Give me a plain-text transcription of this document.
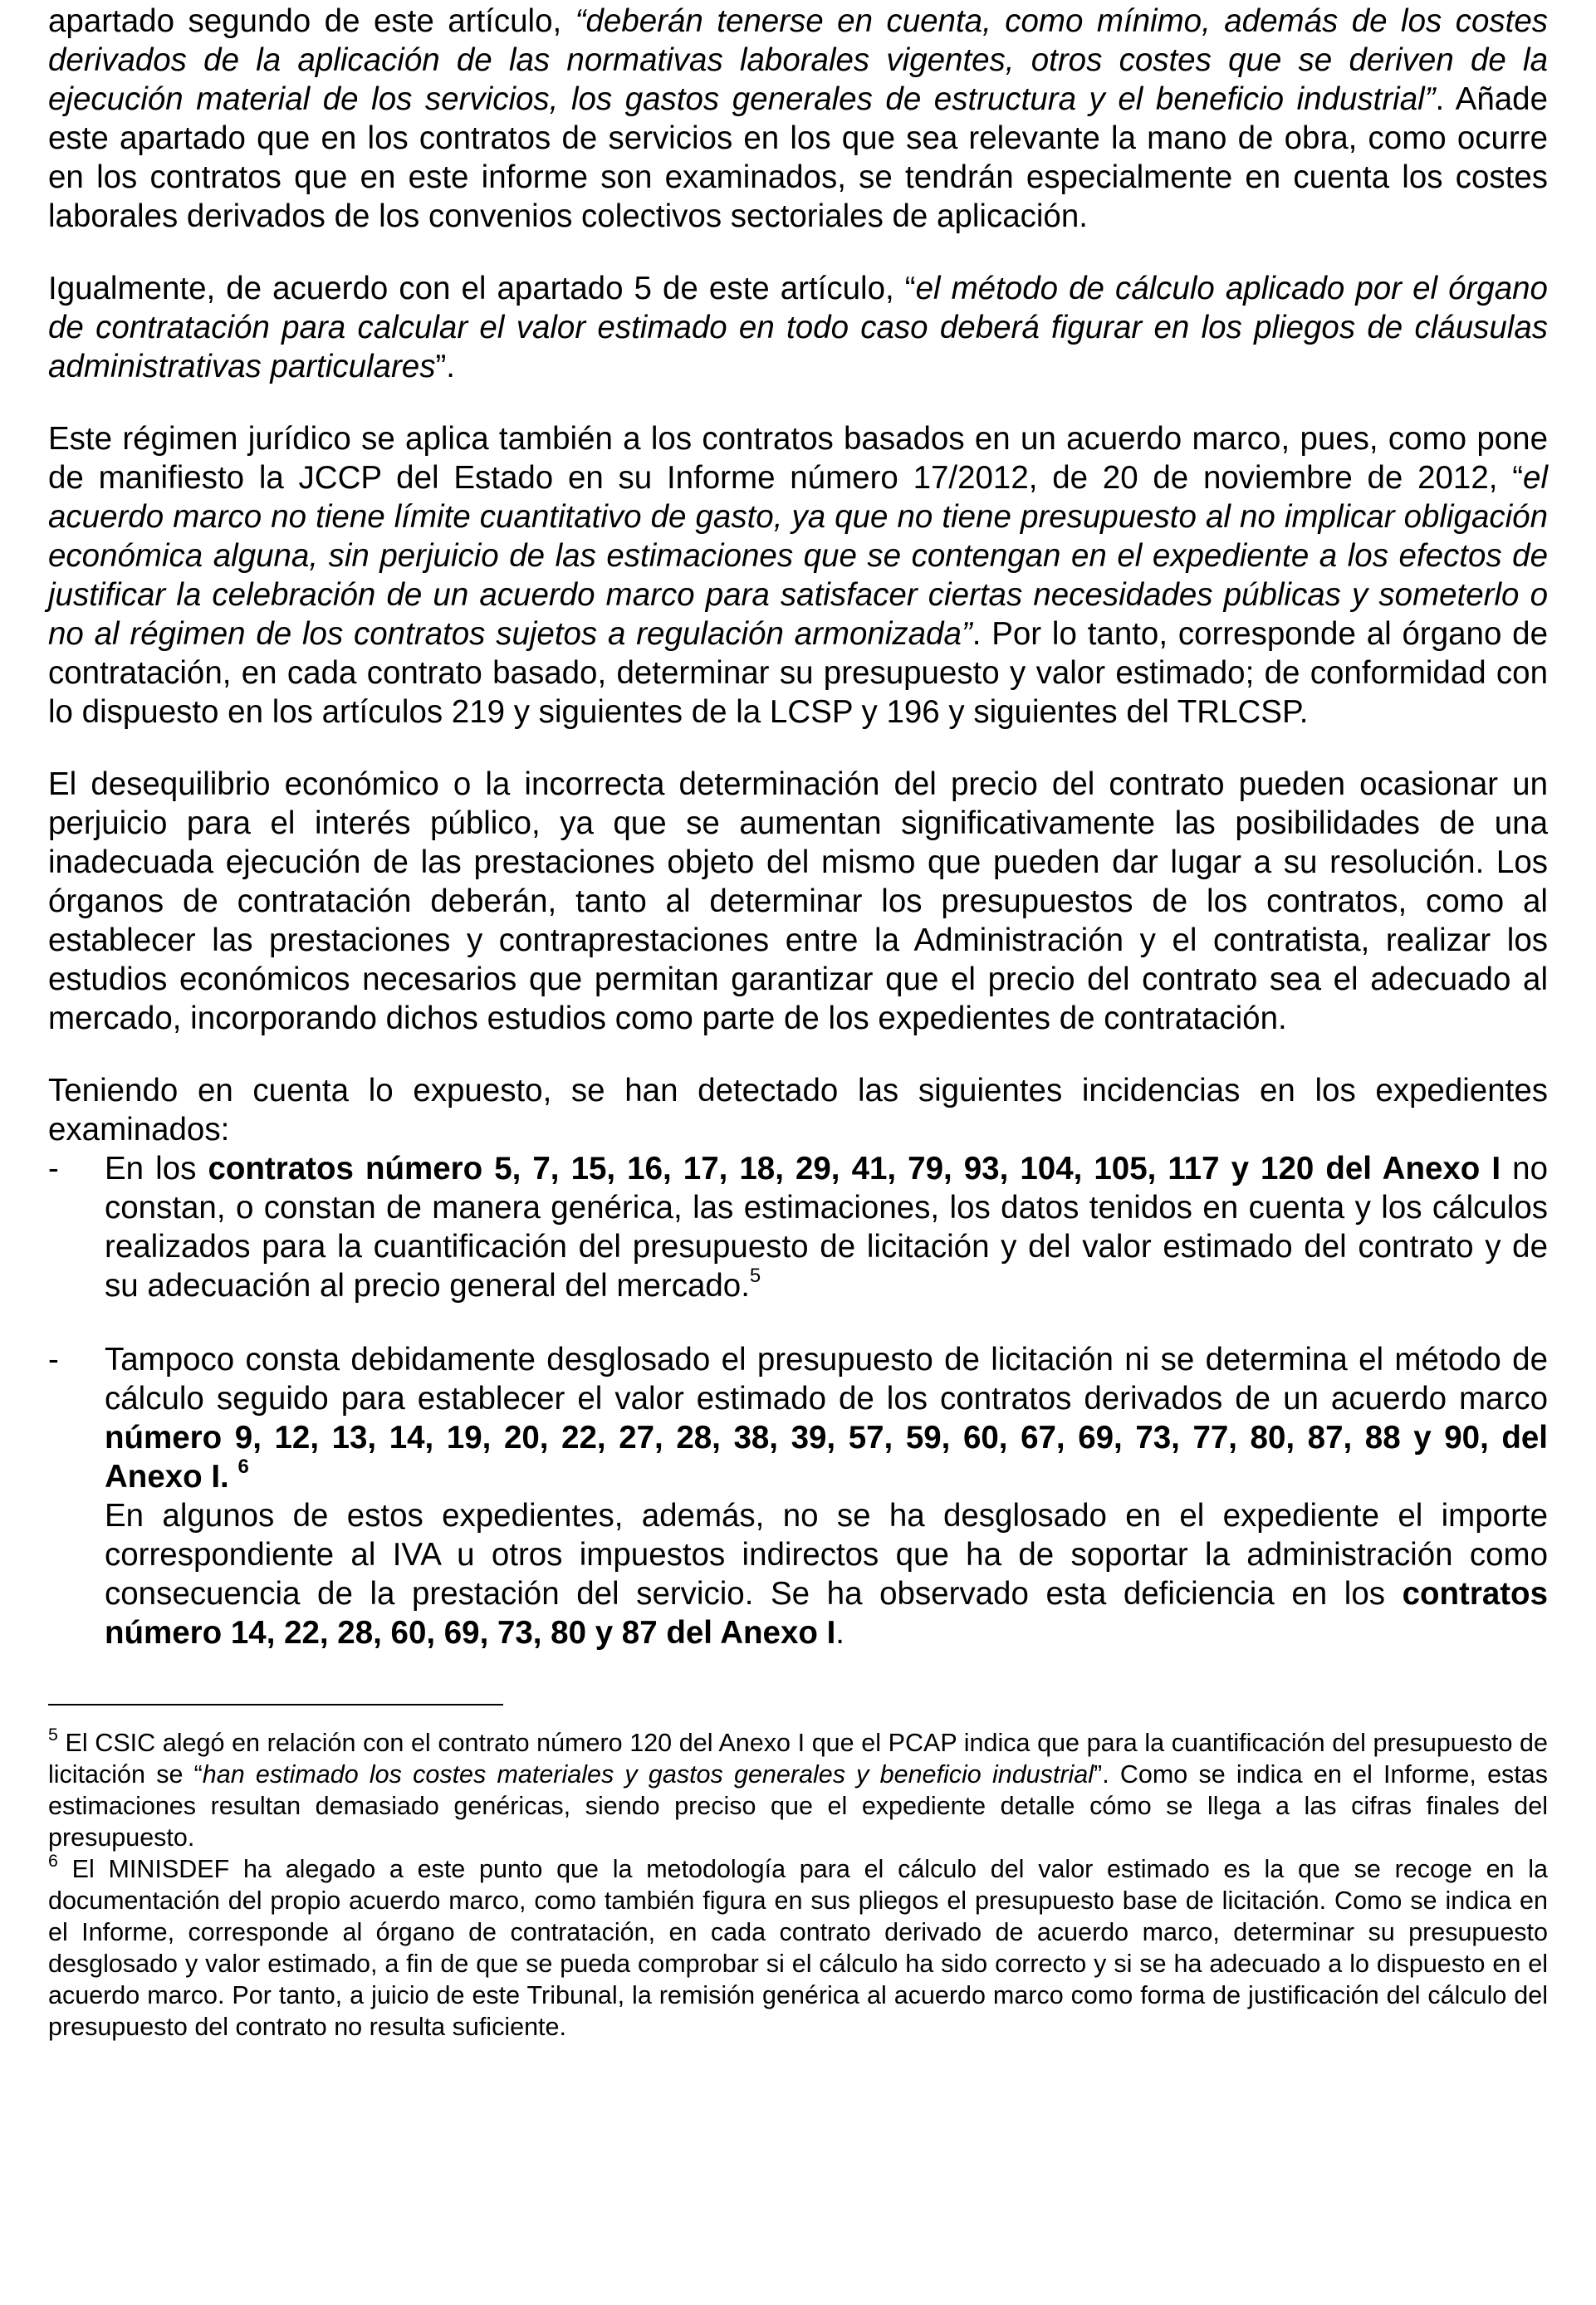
apartado segundo de este artículo, “deberán tenerse en cuenta, como mínimo, además de los costes derivados de la aplicación de las normativas laborales vigentes, otros costes que se deriven de la ejecución material de los servicios, los gastos generales de estructura y el beneficio industrial”. Añade este apartado que en los contratos de servicios en los que sea relevante la mano de obra, como ocurre en los contratos que en este informe son examinados, se tendrán especialmente en cuenta los costes laborales derivados de los convenios colectivos sectoriales de aplicación.

Igualmente, de acuerdo con el apartado 5 de este artículo, “el método de cálculo aplicado por el órgano de contratación para calcular el valor estimado en todo caso deberá figurar en los pliegos de cláusulas administrativas particulares”.

Este régimen jurídico se aplica también a los contratos basados en un acuerdo marco, pues, como pone de manifiesto la JCCP del Estado en su Informe número 17/2012, de 20 de noviembre de 2012, “el acuerdo marco no tiene límite cuantitativo de gasto, ya que no tiene presupuesto al no implicar obligación económica alguna, sin perjuicio de las estimaciones que se contengan en el expediente a los efectos de justificar la celebración de un acuerdo marco para satisfacer ciertas necesidades públicas y someterlo o no al régimen de los contratos sujetos a regulación armonizada”. Por lo tanto, corresponde al órgano de contratación, en cada contrato basado, determinar su presupuesto y valor estimado; de conformidad con lo dispuesto en los artículos 219 y siguientes de la LCSP y 196 y siguientes del TRLCSP.

El desequilibrio económico o la incorrecta determinación del precio del contrato pueden ocasionar un perjuicio para el interés público, ya que se aumentan significativamente las posibilidades de una inadecuada ejecución de las prestaciones objeto del mismo que pueden dar lugar a su resolución. Los órganos de contratación deberán, tanto al determinar los presupuestos de los contratos, como al establecer las prestaciones y contraprestaciones entre la Administración y el contratista, realizar los estudios económicos necesarios que permitan garantizar que el precio del contrato sea el adecuado al mercado, incorporando dichos estudios como parte de los expedientes de contratación.

Teniendo en cuenta lo expuesto, se han detectado las siguientes incidencias en los expedientes examinados:

- En los contratos número 5, 7, 15, 16, 17, 18, 29, 41, 79, 93, 104, 105, 117 y 120 del Anexo I no constan, o constan de manera genérica, las estimaciones, los datos tenidos en cuenta y los cálculos realizados para la cuantificación del presupuesto de licitación y del valor estimado del contrato y de su adecuación al precio general del mercado.$^5$

- Tampoco consta debidamente desglosado el presupuesto de licitación ni se determina el método de cálculo seguido para establecer el valor estimado de los contratos derivados de un acuerdo marco número 9, 12, 13, 14, 19, 20, 22, 27, 28, 38, 39, 57, 59, 60, 67, 69, 73, 77, 80, 87, 88 y 90, del Anexo I. $^6$
En algunos de estos expedientes, además, no se ha desglosado en el expediente el importe correspondiente al IVA u otros impuestos indirectos que ha de soportar la administración como consecuencia de la prestación del servicio. Se ha observado esta deficiencia en los contratos número 14, 22, 28, 60, 69, 73, 80 y 87 del Anexo I.

$^5$ El CSIC alegó en relación con el contrato número 120 del Anexo I que el PCAP indica que para la cuantificación del presupuesto de licitación se “han estimado los costes materiales y gastos generales y beneficio industrial”. Como se indica en el Informe, estas estimaciones resultan demasiado genéricas, siendo preciso que el expediente detalle cómo se llega a las cifras finales del presupuesto.

$^6$ El MINISDEF ha alegado a este punto que la metodología para el cálculo del valor estimado es la que se recoge en la documentación del propio acuerdo marco, como también figura en sus pliegos el presupuesto base de licitación. Como se indica en el Informe, corresponde al órgano de contratación, en cada contrato derivado de acuerdo marco, determinar su presupuesto desglosado y valor estimado, a fin de que se pueda comprobar si el cálculo ha sido correcto y si se ha adecuado a lo dispuesto en el acuerdo marco. Por tanto, a juicio de este Tribunal, la remisión genérica al acuerdo marco como forma de justificación del cálculo del presupuesto del contrato no resulta suficiente.
